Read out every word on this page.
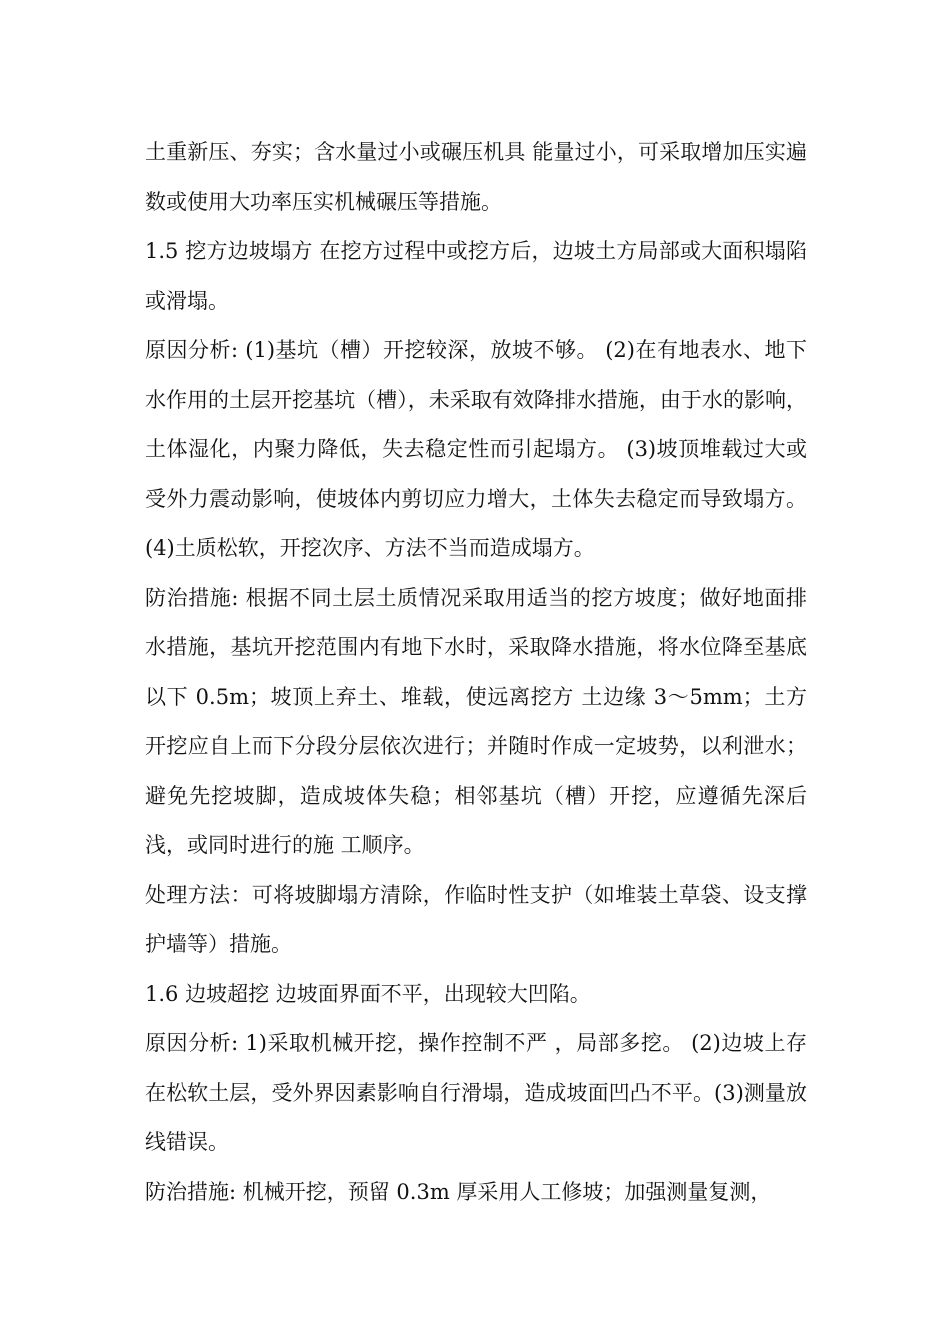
土重新压、夯实；含水量过小或碾压机具 能量过小，可采取增加压实遍数或使用大功率压实机械碾压等措施。

1.5 挖方边坡塌方 在挖方过程中或挖方后，边坡土方局部或大面积塌陷或滑塌。

原因分析: (1)基坑（槽）开挖较深，放坡不够。 (2)在有地表水、地下水作用的土层开挖基坑（槽），未采取有效降排水措施，由于水的影响，土体湿化，内聚力降低，失去稳定性而引起塌方。 (3)坡顶堆载过大或受外力震动影响，使坡体内剪切应力增大，土体失去稳定而导致塌方。(4)土质松软，开挖次序、方法不当而造成塌方。

防治措施: 根据不同土层土质情况采取用适当的挖方坡度；做好地面排水措施，基坑开挖范围内有地下水时，采取降水措施，将水位降至基底以下 0.5m；坡顶上弃土、堆载，使远离挖方 土边缘 3～5mm；土方开挖应自上而下分段分层依次进行；并随时作成一定坡势，以利泄水； 避免先挖坡脚，造成坡体失稳；相邻基坑（槽）开挖，应遵循先深后浅，或同时进行的施 工顺序。

处理方法：可将坡脚塌方清除，作临时性支护（如堆装土草袋、设支撑护墙等）措施。

1.6 边坡超挖 边坡面界面不平，出现较大凹陷。

原因分析: 1)采取机械开挖，操作控制不严 ，局部多挖。 (2)边坡上存在松软土层，受外界因素影响自行滑塌，造成坡面凹凸不平。(3)测量放线错误。

防治措施: 机械开挖，预留 0.3m 厚采用人工修坡；加强测量复测，
